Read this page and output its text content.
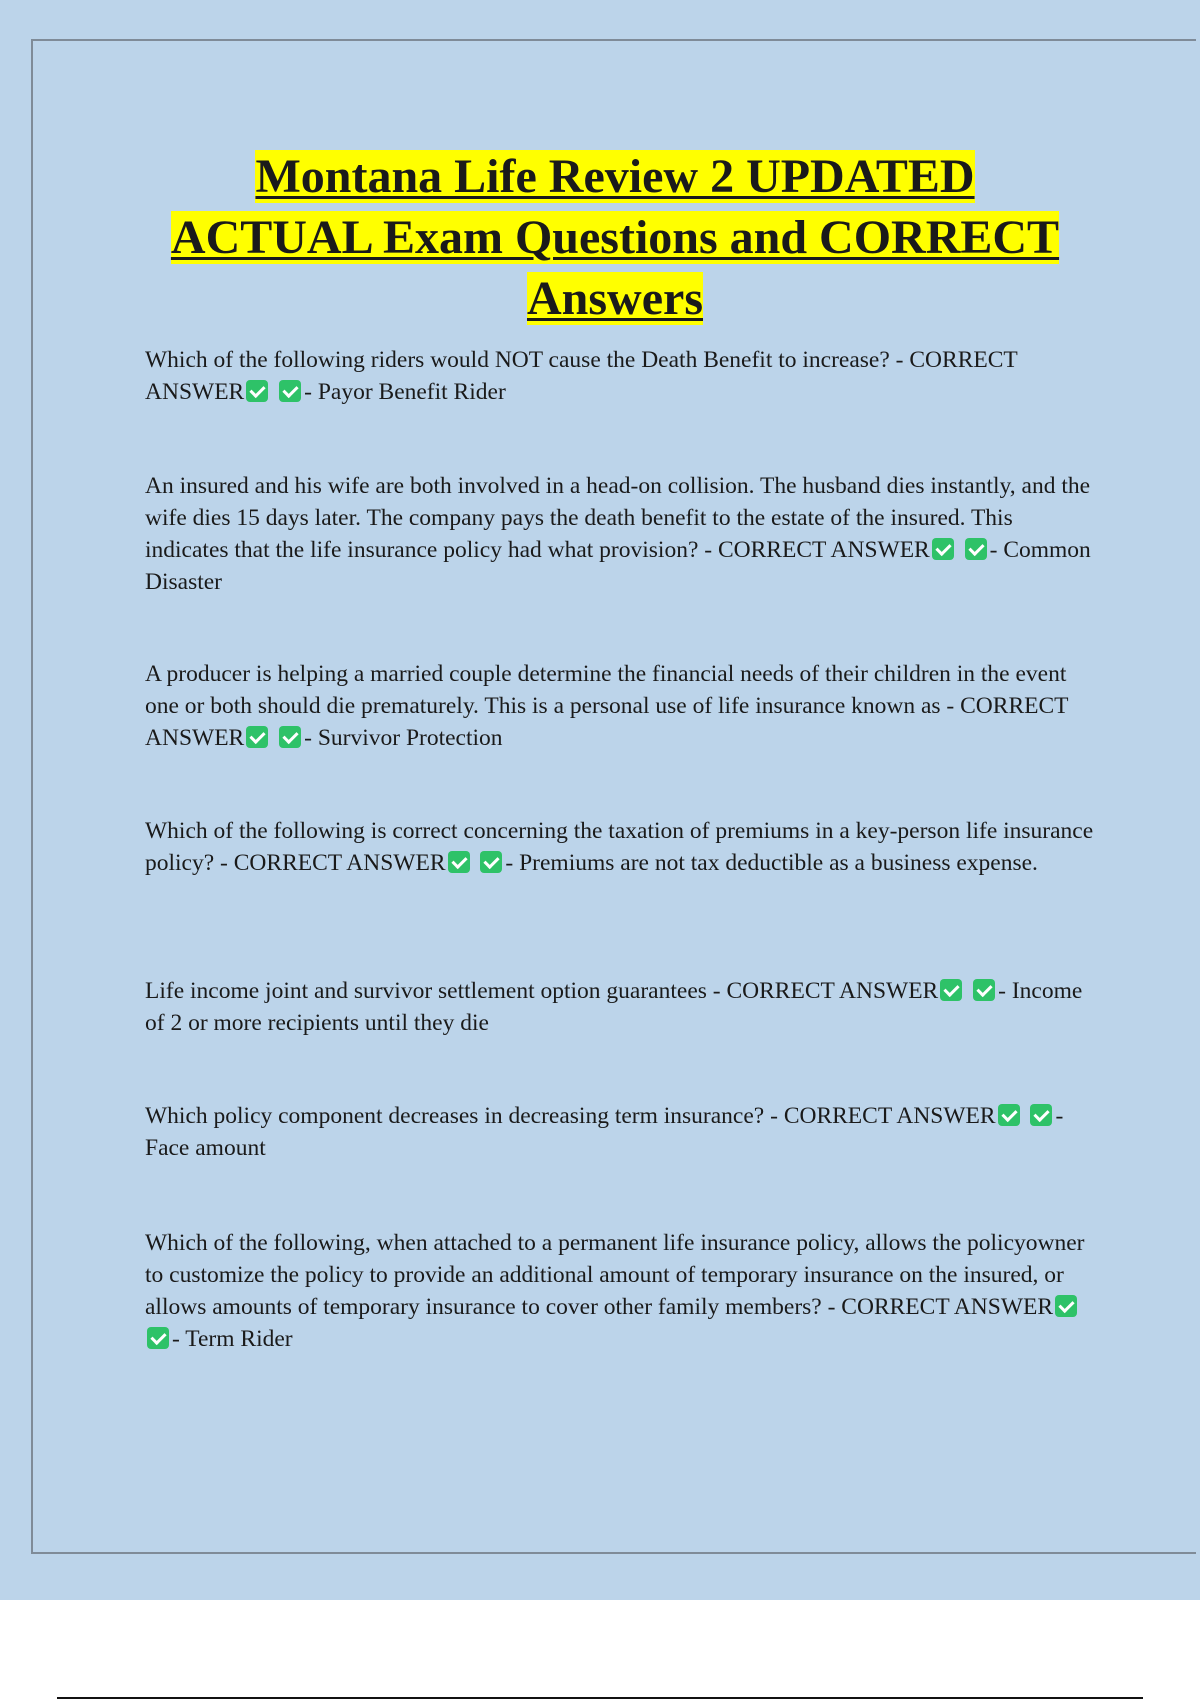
Montana Life Review 2 UPDATED
ACTUAL Exam Questions and CORRECT
Answers

Which of the following riders would NOT cause the Death Benefit to increase? - CORRECT ANSWER	- Payor Benefit Rider

An insured and his wife are both involved in a head-on collision. The husband dies instantly, and the wife dies 15 days later. The company pays the death benefit to the estate of the insured. This indicates that the life insurance policy had what provision? - CORRECT ANSWER	- Common Disaster

A producer is helping a married couple determine the financial needs of their children in the event one or both should die prematurely. This is a personal use of life insurance known as - CORRECT ANSWER	- Survivor Protection

Which of the following is correct concerning the taxation of premiums in a key-person life insurance policy? - CORRECT ANSWER	- Premiums are not tax deductible as a business expense.

Life income joint and survivor settlement option guarantees - CORRECT ANSWER	- Income of 2 or more recipients until they die

Which policy component decreases in decreasing term insurance? - CORRECT ANSWER	- Face amount

Which of the following, when attached to a permanent life insurance policy, allows the policyowner to customize the policy to provide an additional amount of temporary insurance on the insured, or allows amounts of temporary insurance to cover other family members? - CORRECT ANSWER - Term Rider
